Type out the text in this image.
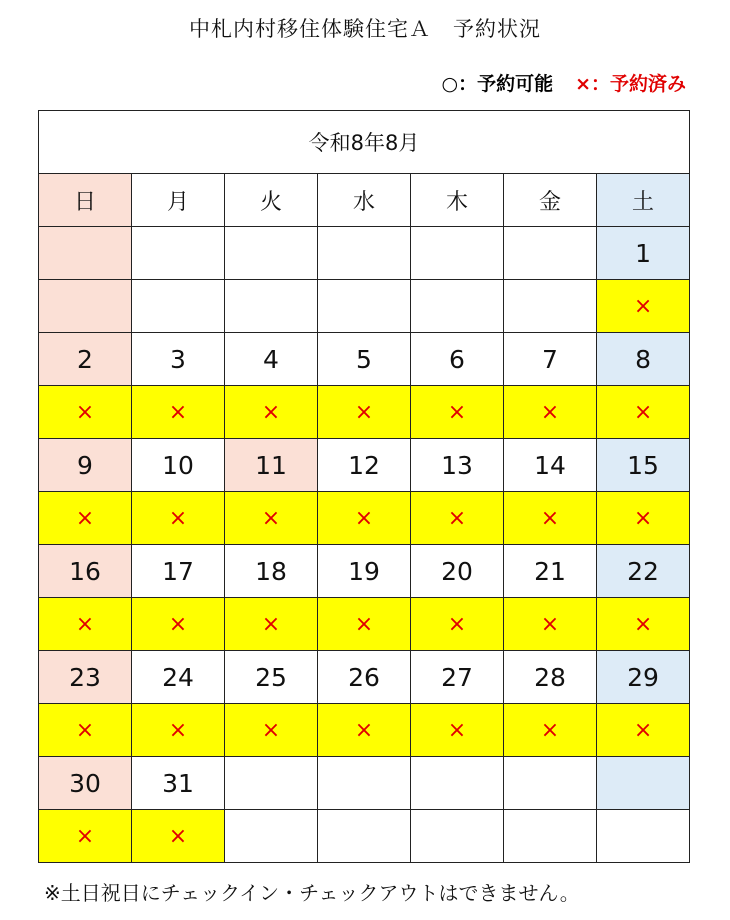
中札内村移住体験住宅Ａ　予約状況
○：予約可能 ×：予約済み
令和8年8月						
日	月	火	水	木	金	土
						1
						×
2	3	4	5	6	7	8
×	×	×	×	×	×	×
9	10	11	12	13	14	15
×	×	×	×	×	×	×
16	17	18	19	20	21	22
×	×	×	×	×	×	×
23	24	25	26	27	28	29
×	×	×	×	×	×	×
30	31					
×	×					
※土日祝日にチェックイン・チェックアウトはできません。
